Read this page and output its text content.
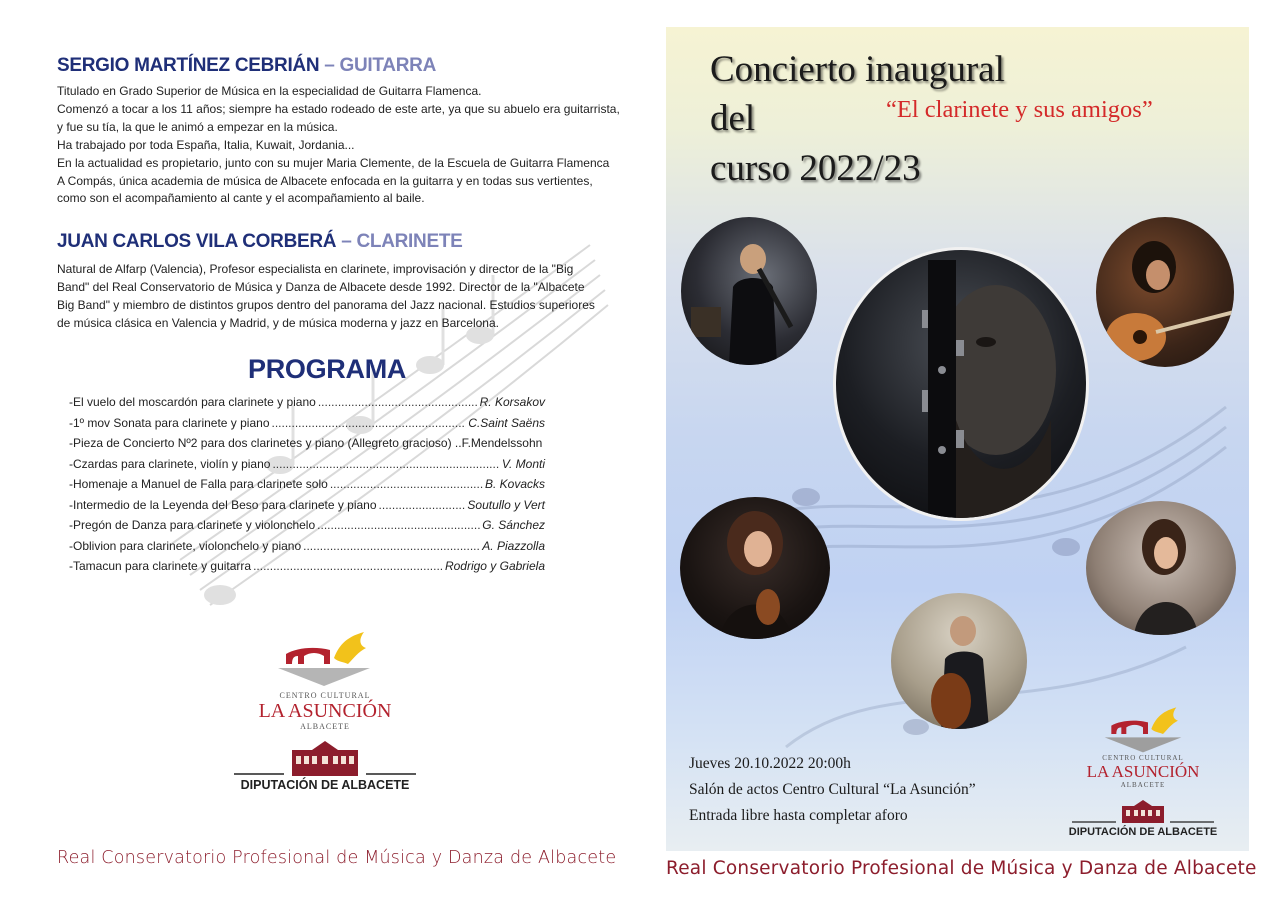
SERGIO MARTÍNEZ CEBRIÁN – GUITARRA
Titulado en Grado Superior de Música en la especialidad de Guitarra Flamenca.
Comenzó a tocar a los 11 años; siempre ha estado rodeado de este arte, ya que su abuelo era guitarrista,
y fue su tía, la que le animó a empezar en la música.
Ha trabajado por toda España, Italia, Kuwait, Jordania...
En la actualidad es propietario, junto con su mujer Maria Clemente, de la Escuela de Guitarra Flamenca
A Compás, única academia de música de Albacete enfocada en la guitarra y en todas sus vertientes,
como son el acompañamiento al cante y el acompañamiento al baile.
JUAN CARLOS VILA CORBERÁ – CLARINETE
Natural de Alfarp (Valencia), Profesor especialista en clarinete, improvisación y director de la "Big
Band" del Real Conservatorio de Música y Danza de Albacete desde 1992. Director de la "Albacete
Big Band" y miembro de distintos grupos dentro del panorama del Jazz nacional. Estudios superiores
de música clásica en Valencia y Madrid, y de música moderna y jazz en Barcelona.
PROGRAMA
-El vuelo del moscardón para clarinete y piano .....	R. Korsakov
-1º mov Sonata para clarinete y piano .....	C.Saint Saëns
-Pieza de Concierto Nº2 para dos clarinetes y piano (Allegreto gracioso) ..F.Mendelssohn
-Czardas para clarinete, violín y piano .....	V. Monti
-Homenaje a Manuel de Falla para clarinete solo .....	B. Kovacks
-Intermedio de la Leyenda del Beso para clarinete y piano .....	Soutullo y Vert
-Pregón de Danza para clarinete y violonchelo .....	G. Sánchez
-Oblivion para clarinete, violonchelo y piano .....	A. Piazzolla
-Tamacun para clarinete y guitarra .....	Rodrigo y Gabriela
CENTRO CULTURAL
LA ASUNCIÓN
ALBACETE
DIPUTACIÓN DE ALBACETE
Real Conservatorio Profesional de Música y Danza de Albacete
Concierto inaugural
del
curso 2022/23
“El clarinete y sus amigos”
Jueves 20.10.2022 20:00h
Salón de actos Centro Cultural “La Asunción”
Entrada libre hasta completar aforo
CENTRO CULTURAL
LA ASUNCIÓN
ALBACETE
DIPUTACIÓN DE ALBACETE
Real Conservatorio Profesional de Música y Danza de Albacete
